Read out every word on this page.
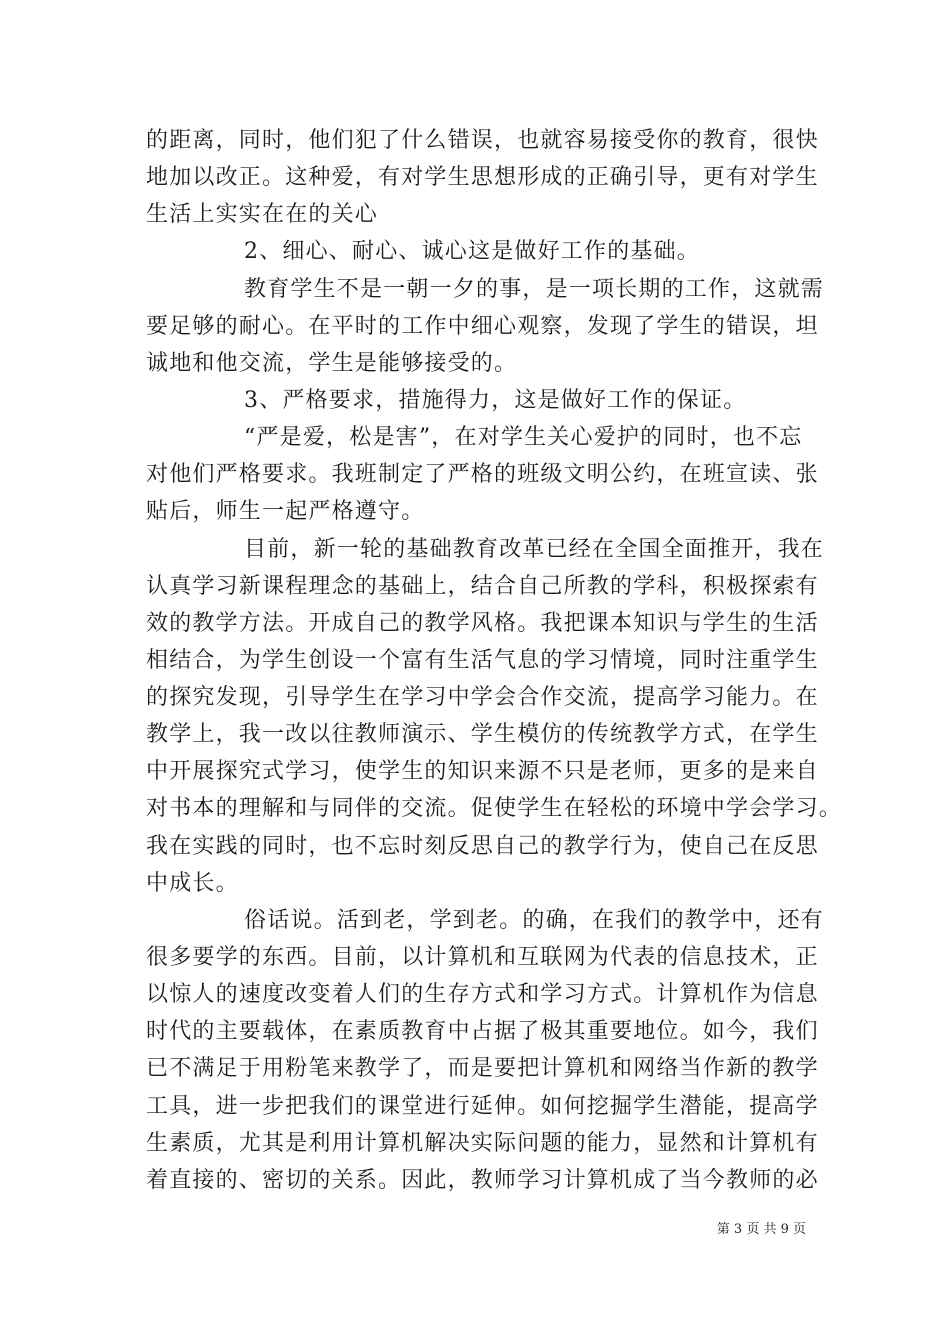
的距离，同时，他们犯了什么错误，也就容易接受你的教育，很快
地加以改正。这种爱，有对学生思想形成的正确引导，更有对学生
生活上实实在在的关心
2、细心、耐心、诚心这是做好工作的基础。
教育学生不是一朝一夕的事，是一项长期的工作，这就需
要足够的耐心。在平时的工作中细心观察，发现了学生的错误，坦
诚地和他交流，学生是能够接受的。
3、严格要求，措施得力，这是做好工作的保证。
“严是爱，松是害”，在对学生关心爱护的同时，也不忘
对他们严格要求。我班制定了严格的班级文明公约，在班宣读、张
贴后，师生一起严格遵守。
目前，新一轮的基础教育改革已经在全国全面推开，我在
认真学习新课程理念的基础上，结合自己所教的学科，积极探索有
效的教学方法。开成自己的教学风格。我把课本知识与学生的生活
相结合，为学生创设一个富有生活气息的学习情境，同时注重学生
的探究发现，引导学生在学习中学会合作交流，提高学习能力。在
教学上，我一改以往教师演示、学生模仿的传统教学方式，在学生
中开展探究式学习，使学生的知识来源不只是老师，更多的是来自
对书本的理解和与同伴的交流。促使学生在轻松的环境中学会学习。
我在实践的同时，也不忘时刻反思自己的教学行为，使自己在反思
中成长。
俗话说。活到老，学到老。的确，在我们的教学中，还有
很多要学的东西。目前，以计算机和互联网为代表的信息技术，正
以惊人的速度改变着人们的生存方式和学习方式。计算机作为信息
时代的主要载体，在素质教育中占据了极其重要地位。如今，我们
已不满足于用粉笔来教学了，而是要把计算机和网络当作新的教学
工具，进一步把我们的课堂进行延伸。如何挖掘学生潜能，提高学
生素质，尤其是利用计算机解决实际问题的能力，显然和计算机有
着直接的、密切的关系。因此，教师学习计算机成了当今教师的必
第 3 页 共 9 页
